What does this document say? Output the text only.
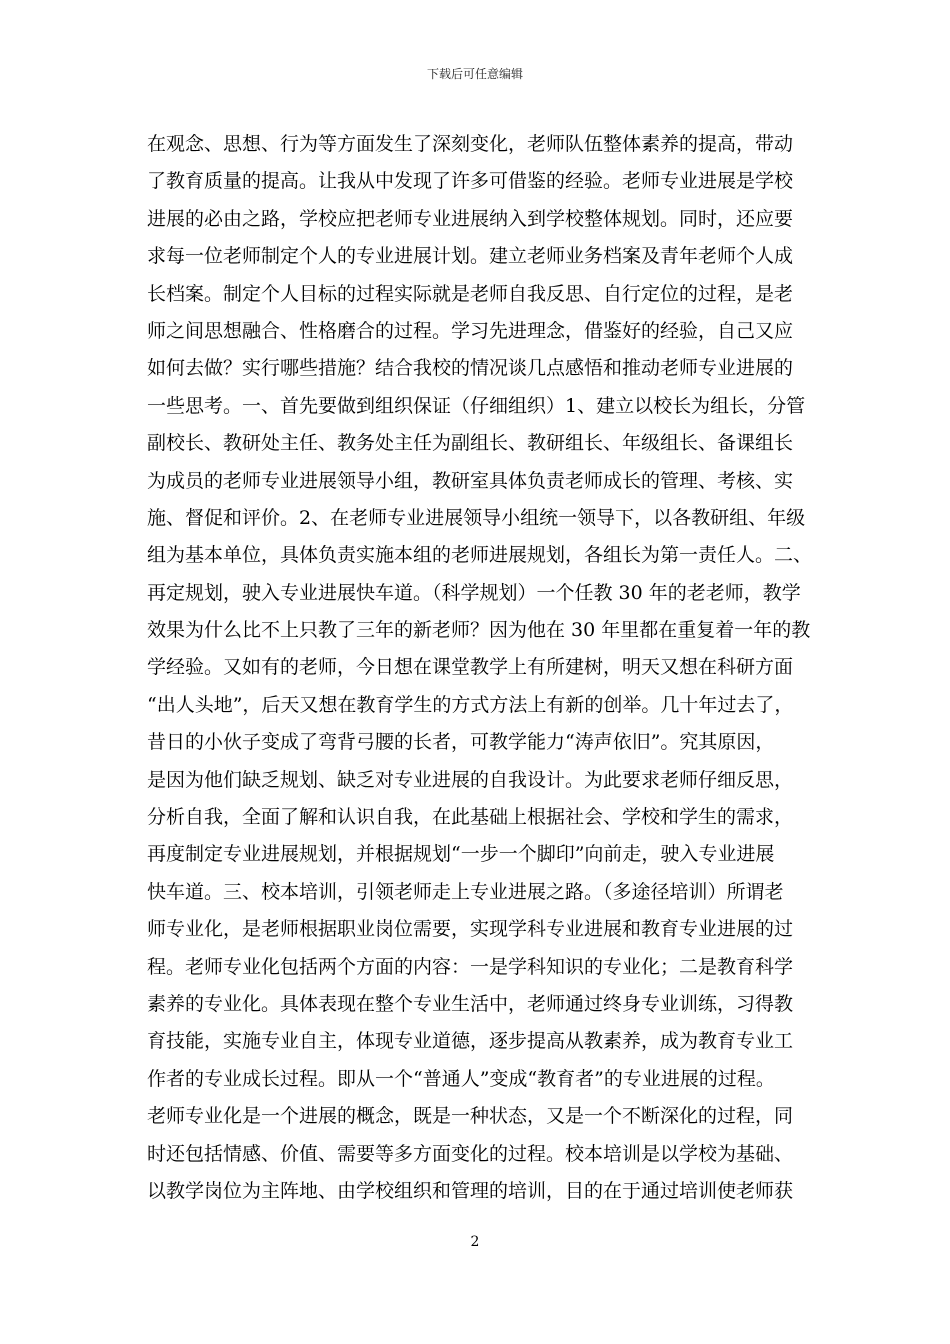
下载后可任意编辑
在观念、思想、行为等方面发生了深刻变化，老师队伍整体素养的提高，带动
了教育质量的提高。让我从中发现了许多可借鉴的经验。老师专业进展是学校
进展的必由之路，学校应把老师专业进展纳入到学校整体规划。同时，还应要
求每一位老师制定个人的专业进展计划。建立老师业务档案及青年老师个人成
长档案。制定个人目标的过程实际就是老师自我反思、自行定位的过程，是老
师之间思想融合、性格磨合的过程。学习先进理念，借鉴好的经验，自己又应
如何去做？实行哪些措施？结合我校的情况谈几点感悟和推动老师专业进展的
一些思考。一、首先要做到组织保证（仔细组织）1、建立以校长为组长，分管
副校长、教研处主任、教务处主任为副组长、教研组长、年级组长、备课组长
为成员的老师专业进展领导小组，教研室具体负责老师成长的管理、考核、实
施、督促和评价。2、在老师专业进展领导小组统一领导下，以各教研组、年级
组为基本单位，具体负责实施本组的老师进展规划，各组长为第一责任人。二、
再定规划，驶入专业进展快车道。（科学规划）一个任教 30 年的老老师，教学
效果为什么比不上只教了三年的新老师？因为他在 30 年里都在重复着一年的教
学经验。又如有的老师，今日想在课堂教学上有所建树，明天又想在科研方面
“出人头地”，后天又想在教育学生的方式方法上有新的创举。几十年过去了，
昔日的小伙子变成了弯背弓腰的长者，可教学能力“涛声依旧”。究其原因，
是因为他们缺乏规划、缺乏对专业进展的自我设计。为此要求老师仔细反思，
分析自我，全面了解和认识自我，在此基础上根据社会、学校和学生的需求，
再度制定专业进展规划，并根据规划“一步一个脚印”向前走，驶入专业进展
快车道。三、校本培训，引领老师走上专业进展之路。（多途径培训）所谓老
师专业化，是老师根据职业岗位需要，实现学科专业进展和教育专业进展的过
程。老师专业化包括两个方面的内容：一是学科知识的专业化；二是教育科学
素养的专业化。具体表现在整个专业生活中，老师通过终身专业训练，习得教
育技能，实施专业自主，体现专业道德，逐步提高从教素养，成为教育专业工
作者的专业成长过程。即从一个“普通人”变成“教育者”的专业进展的过程。
老师专业化是一个进展的概念，既是一种状态，又是一个不断深化的过程，同
时还包括情感、价值、需要等多方面变化的过程。校本培训是以学校为基础、
以教学岗位为主阵地、由学校组织和管理的培训，目的在于通过培训使老师获
2
